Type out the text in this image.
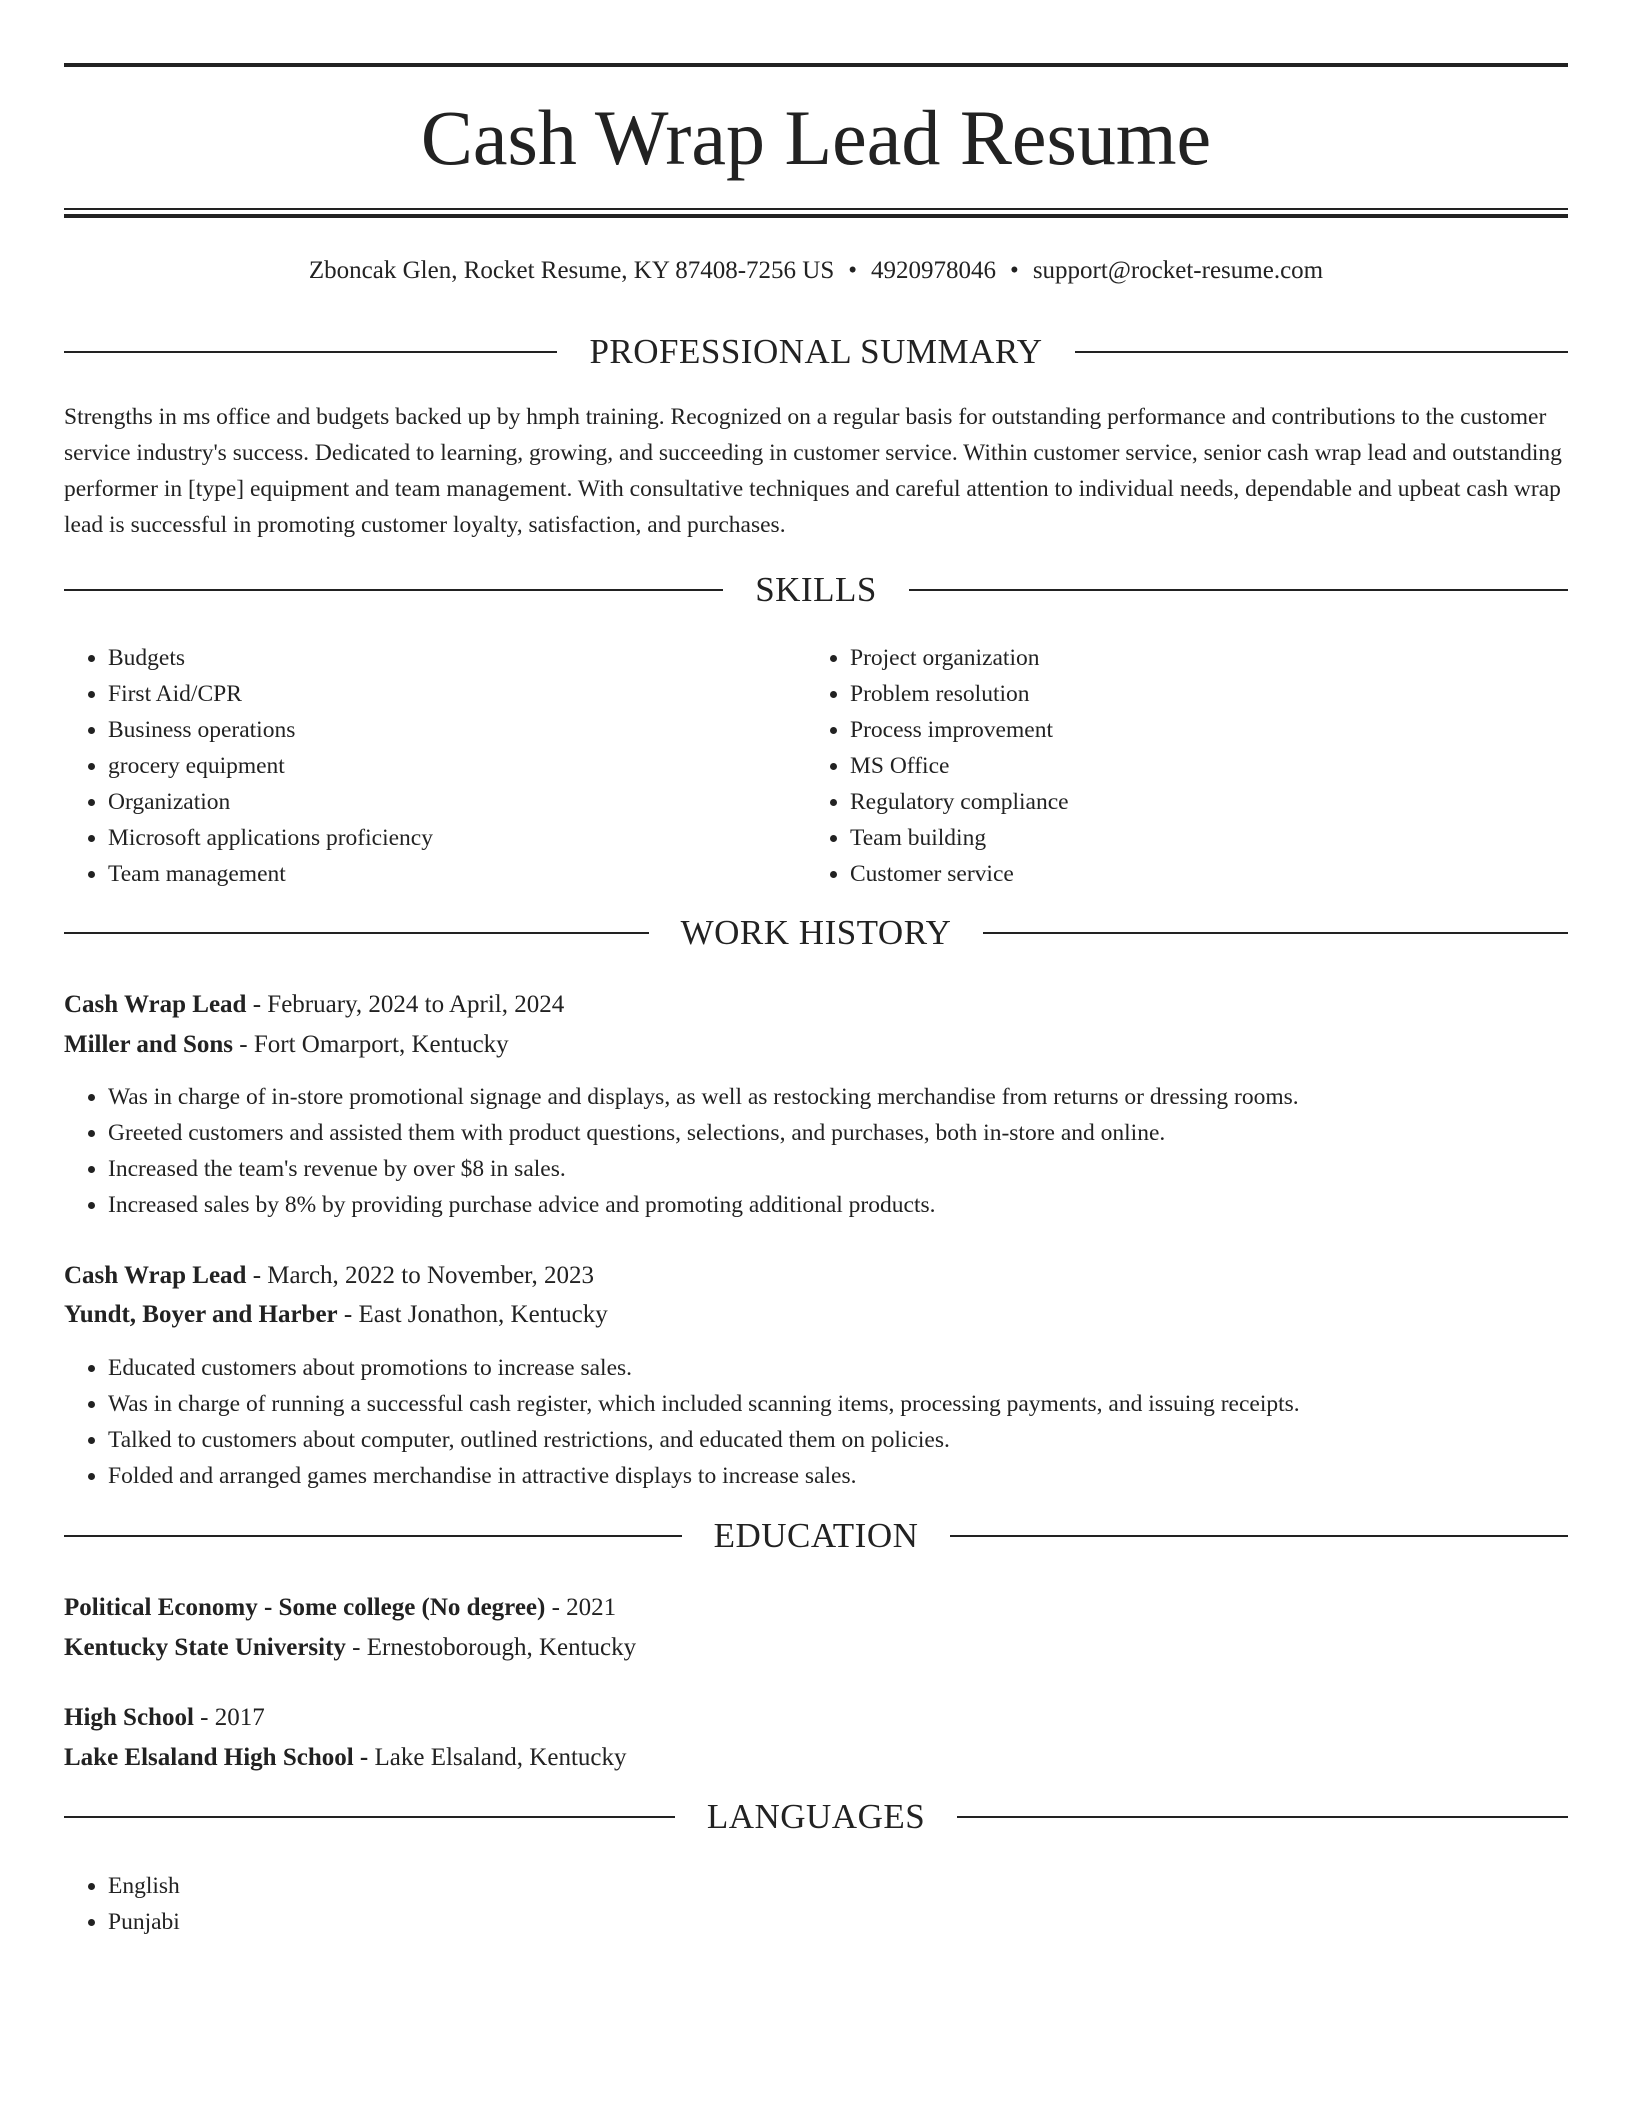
Cash Wrap Lead Resume
Zboncak Glen, Rocket Resume, KY 87408-7256 US • 4920978046 • support@rocket-resume.com
PROFESSIONAL SUMMARY

Strengths in ms office and budgets backed up by hmph training. Recognized on a regular basis for outstanding performance and contributions to the customer service industry's success. Dedicated to learning, growing, and succeeding in customer service. Within customer service, senior cash wrap lead and outstanding performer in [type] equipment and team management. With consultative techniques and careful attention to individual needs, dependable and upbeat cash wrap lead is successful in promoting customer loyalty, satisfaction, and purchases.

SKILLS
• Budgets
• First Aid/CPR
• Business operations
• grocery equipment
• Organization
• Microsoft applications proficiency
• Team management
• Project organization
• Problem resolution
• Process improvement
• MS Office
• Regulatory compliance
• Team building
• Customer service
WORK HISTORY
Cash Wrap Lead - February, 2024 to April, 2024
Miller and Sons - Fort Omarport, Kentucky
• Was in charge of in-store promotional signage and displays, as well as restocking merchandise from returns or dressing rooms.
• Greeted customers and assisted them with product questions, selections, and purchases, both in-store and online.
• Increased the team's revenue by over $8 in sales.
• Increased sales by 8% by providing purchase advice and promoting additional products.
Cash Wrap Lead - March, 2022 to November, 2023
Yundt, Boyer and Harber - East Jonathon, Kentucky
• Educated customers about promotions to increase sales.
• Was in charge of running a successful cash register, which included scanning items, processing payments, and issuing receipts.
• Talked to customers about computer, outlined restrictions, and educated them on policies.
• Folded and arranged games merchandise in attractive displays to increase sales.
EDUCATION
Political Economy - Some college (No degree) - 2021
Kentucky State University - Ernestoborough, Kentucky
High School - 2017
Lake Elsaland High School - Lake Elsaland, Kentucky
LANGUAGES
• English
• Punjabi
